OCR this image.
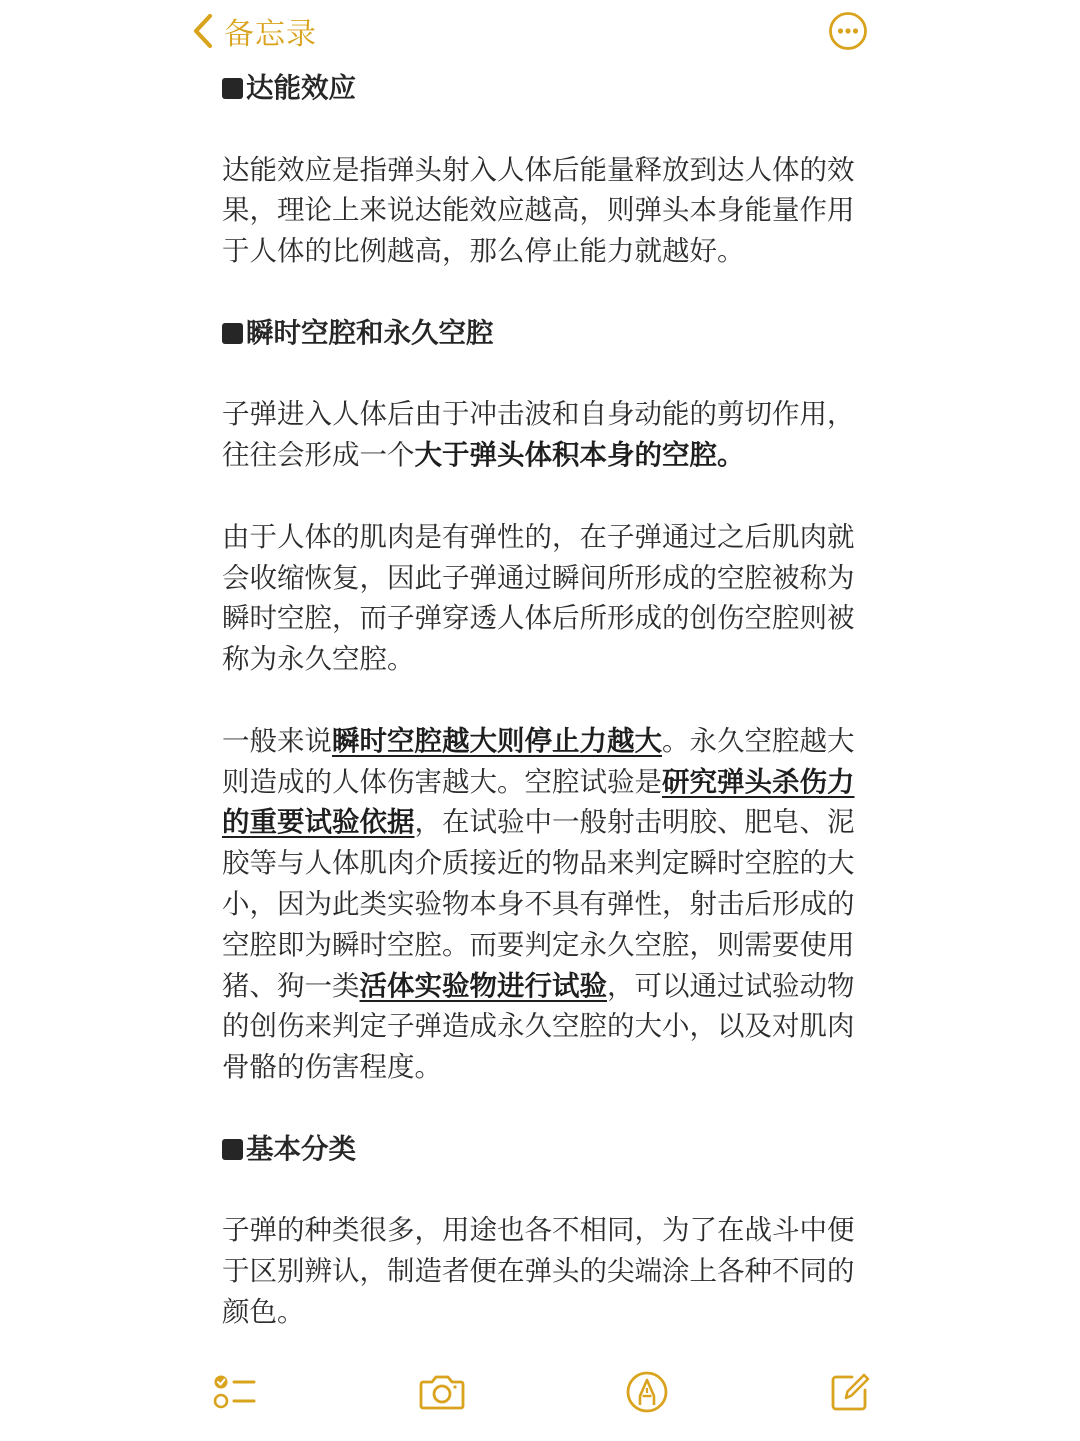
备忘录

达能效应

达能效应是指弹头射入人体后能量释放到达人体的效果，理论上来说达能效应越高，则弹头本身能量作用于人体的比例越高，那么停止能力就越好。

瞬时空腔和永久空腔

子弹进入人体后由于冲击波和自身动能的剪切作用，往往会形成一个大于弹头体积本身的空腔。

由于人体的肌肉是有弹性的，在子弹通过之后肌肉就会收缩恢复，因此子弹通过瞬间所形成的空腔被称为瞬时空腔，而子弹穿透人体后所形成的创伤空腔则被称为永久空腔。

一般来说瞬时空腔越大则停止力越大。永久空腔越大则造成的人体伤害越大。空腔试验是研究弹头杀伤力的重要试验依据，在试验中一般射击明胶、肥皂、泥胶等与人体肌肉介质接近的物品来判定瞬时空腔的大小，因为此类实验物本身不具有弹性，射击后形成的空腔即为瞬时空腔。而要判定永久空腔，则需要使用猪、狗一类活体实验物进行试验，可以通过试验动物的创伤来判定子弹造成永久空腔的大小，以及对肌肉骨骼的伤害程度。

基本分类

子弹的种类很多，用途也各不相同，为了在战斗中便于区别辨认，制造者便在弹头的尖端涂上各种不同的颜色。
